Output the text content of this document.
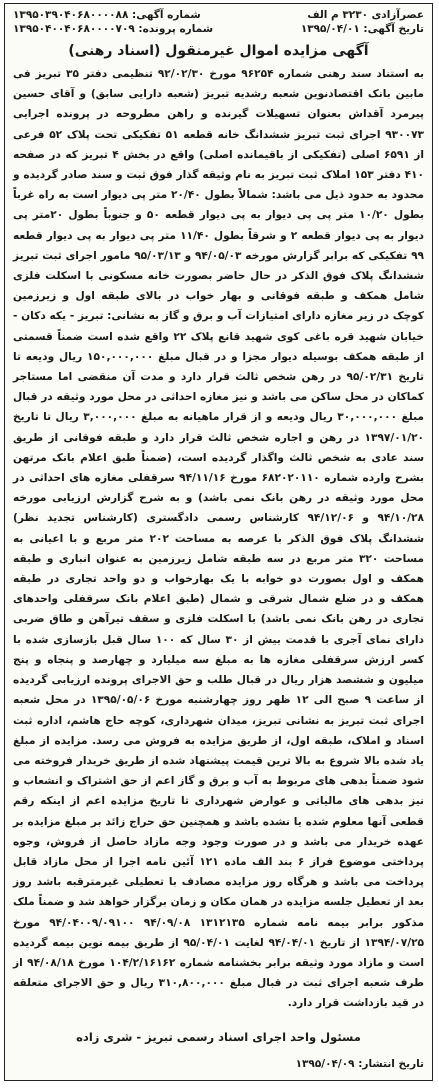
عصرآزادی ۳۲۳۰ م الف
شماره آگهی: ۱۳۹۵۰۳۹۰۴۰۶۸۰۰۰۰۸۸
تاریخ آگهی: ۱۳۹۵/۰۴/۰۱
شماره پرونده: ۱۳۹۵۰۴۰۰۴۰۶۸۰۰۰۰۷۰۹
آگهی مزایده اموال غیرمنقول (اسناد رهنی)

به استناد سند رهنی شماره ۹۶۲۵۴ مورخ ۹۲/۰۲/۳۰ تنظیمی دفتر ۳۵ تبریز فی مابین بانک اقتصادنوین شعبه رشدیه تبریز (شعبه دارایی سابق) و آقای حسین پیرمرد آقداش بعنوان تسهیلات گیرنده و راهن مطروحه در پرونده اجرایی ۹۳۰۰۷۳ اجرای ثبت تبریز ششدانگ خانه قطعه ۵۱ تفکیکی تحت پلاک ۵۲ فرعی از ۶۵۹۱ اصلی (تفکیکی از باقیمانده اصلی) واقع در بخش ۴ تبریز که در صفحه ۴۱۰ دفتر ۱۵۳ املاک ثبت تبریز به نام وثیقه گذار فوق ثبت و سند صادر گردیده و محدود به حدود ذیل می باشد: شمالاً بطول ۲۰/۴۰ متر پی دیوار است به راه غرباً بطول ۱۰/۲۰ متر پی پی دیوار به پی دیوار قطعه ۵۰ و جنوباً بطول ۲۰متر پی دیوار به پی دیوار قطعه ۲ و شرقاً بطول ۱۱/۴۰ متر پی دیوار به پی دیوار قطعه ۹۹ تفکیکی که برابر گزارش مورخه ۹۴/۰۵/۰۳ و ۹۵/۰۳/۱۳ مامور اجرای ثبت تبریز ششدانگ پلاک فوق الذکر در حال حاضر بصورت خانه مسکونی با اسکلت فلزی شامل همکف و طبقه فوقانی و بهار خواب در بالای طبقه اول و زیرزمین کوچک در زیر مغازه دارای امتیازات آب و برق و گاز به نشانی: تبریز - یکه دکان - خیابان شهید قره باغی کوی شهید قانع پلاک ۲۲ واقع شده است ضمناً قسمتی از طبقه همکف بوسیله دیوار مجزا و در قبال مبلغ ۱۵۰,۰۰۰,۰۰۰ ریال ودیعه تا تاریخ ۹۵/۰۲/۳۱ در رهن شخص ثالث قرار دارد و مدت آن منقضی اما مستاجر کماکان در محل ساکن می باشد و نیز مغازه احداثی در محل مورد وثیقه در قبال مبلغ ۳۰,۰۰۰,۰۰۰ ریال ودیعه و از قرار ماهیانه به مبلغ ۳,۰۰۰,۰۰۰ ریال تا تاریخ ۱۳۹۷/۰۱/۲۰ در رهن و اجاره شخص ثالث قرار دارد و طبقه فوقانی از طریق سند عادی به شخص ثالث واگذار گردیده است، (ضمناً طبق اعلام بانک مرتهن بشرح وارده شماره ۶۸۲۰۲۰۱۱۰ مورخ ۹۴/۱۱/۱۶ سرقفلی مغازه های احداثی در محل مورد وثیقه در رهن بانک نمی باشد) و به شرح گزارش ارزیابی مورخه ۹۴/۱۰/۲۸ و ۹۴/۱۲/۰۶ کارشناس رسمی دادگستری (کارشناس تجدید نظر) ششدانگ پلاک فوق الذکر با عرصه به مساحت ۲۰۲ متر مربع و با اعیانی به مساحت ۳۲۰ متر مربع در سه طبقه شامل زیرزمین به عنوان انباری و طبقه همکف و اول بصورت دو خوابه با یک بهارخواب و دو واحد تجاری در طبقه همکف و در ضلع شمال شرقی و شمال (طبق اعلام بانک سرقفلی واحدهای تجاری در رهن بانک نمی باشد) با اسکلت فلزی و سقف تیرآهن و طاق ضربی دارای نمای آجری با قدمت بیش از ۳۰ سال که ۱۰۰ سال قبل بازسازی شده با کسر ارزش سرقفلی مغازه ها به مبلغ سه میلیارد و چهارصد و پنجاه و پنج میلیون و ششصد هزار ریال در قبال طلب و حق الاجرای پرونده ارزیابی گردیده از ساعت ۹ صبح الی ۱۲ ظهر روز چهارشنبه مورخ ۱۳۹۵/۰۵/۰۶ در محل شعبه اجرای ثبت تبریز به نشانی تبریز، میدان شهرداری، کوچه حاج هاشم، اداره ثبت اسناد و املاک، طبقه اول، از طریق مزایده به فروش می رسد. مزایده از مبلغ یاد شده بالا شروع به بالا ترین قیمت پیشنهاد شده از طریق خریدار فروخته می شود ضمناً بدهی های مربوط به آب و برق و گاز اعم از حق اشتراک و انشعاب و نیز بدهی های مالیاتی و عوارض شهرداری تا تاریخ مزایده اعم از اینکه رقم قطعی آنها معلوم شده یا نشده باشد و همچنین حق حراج زائد بر مبلغ مزایده بر عهده خریدار می باشد و در صورت وجود وجه مازاد حاصل از فروش، وجوه پرداختی موضوع فراز ۶ بند الف ماده ۱۲۱ آئین نامه اجرا از محل مازاد قابل پرداخت می باشد و هرگاه روز مزایده مصادف با تعطیلی غیرمترقبه باشد روز بعد از تعطیل جلسه مزایده در همان مکان و زمان برگزار خواهد شد و ضمناً ملک مذکور برابر بیمه نامه شماره ۱۳۱۲۱۳۵ ۹۴/۰۹/۰۸ ۹۴/۰۴۰۰۹/۰۹۱۰۰ مورخ ۱۳۹۴/۰۷/۲۵ از تاریخ ۹۴/۰۴/۰۱ لغایت ۹۵/۰۴/۰۱ از طریق بیمه نوین بیمه گردیده است و مازاد مورد وثیقه برابر بخشنامه شماره ۱۰۴/۲/۱۶۱۶۲ مورخ ۹۴/۰۸/۱۸ از طرف شعبه اجرای ثبت در قبال مبلغ ۳۱۰,۸۰۰,۰۰۰ ریال و حق الاجرای متعلقه در قید بازداشت قرار دارد.

مسئول واحد اجرای اسناد رسمی تبریز - شری زاده
تاریخ انتشار: ۱۳۹۵/۰۴/۰۹
